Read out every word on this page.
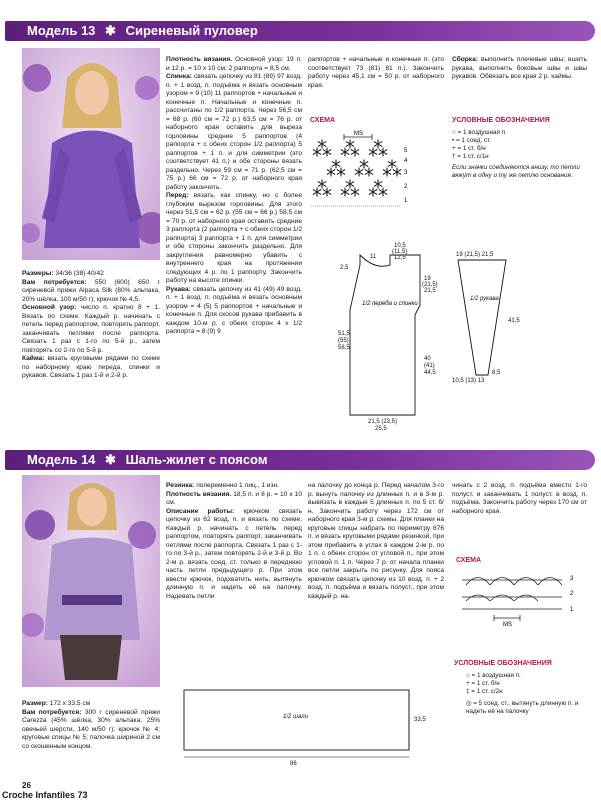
Модель 13 ✱ Сиреневый пуловер

Размеры: 34/36 (38) 40/42

Вам потребуется: 550 (600) 650 г сиреневой пряжи Alpaca Silk (80% альпака, 20% шёлка, 100 м/50 г); крючок № 4,5.

Основной узор: число п. кратно 8 + 1. Вязать по схеме. Каждый р. начинать с петель перед раппортом, повторять раппорт, заканчивать петлями после раппорта. Связать 1 раз с 1-го по 5-й р., затем повторять со 2-го по 5-й р.

Кайма: вязать круговыми рядами по схеме по наборному краю передa, спинки и рукавов. Связать 1 раз 1-й и 2-й р.

Плотность вязания. Основной узор: 19 п. и 12 р. = 10 х 10 см; 2 раппорта = 8,5 см.

Спинка: связать цепочку из 81 (89) 97 возд. п. + 1 возд. п. подъёма и вязать основным узором = 9 (10) 11 раппортов + начальные и конечные п. Начальные и конечные п. рассчитаны по 1/2 раппорта. Через 56,5 см = 68 р. (60 см = 72 р.) 63,5 см = 76 р. от наборного края оставить для выреза горловины средние 5 раппортов (4 раппорта + с обеих сторон 1/2 раппорта) 5 раппортов + 1 п. и для симметрии (это соответствует 41 п.) и обе стороны вязать раздельно. Через 59 см = 71 р. (62,5 см = 75 р.) 66 см = 72 р. от наборного края работу закончить.

Перед: вязать, как спинку, но с более глубоким вырезом горловины. Для этого через 51,5 см = 62 р. (55 см = 66 р.) 58,5 см = 70 р. от наборного края оставить средние 3 раппорта (2 раппорта + с обеих сторон 1/2 раппорта) 3 раппорта + 1 п. для симметрии и обе стороны закончить раздельно. Для закругления равномерно убавить с внутреннего края на протяжении следующих 4 р. по 1 раппорту. Закончить работу на высоте спинки.

Рукава: связать цепочку из 41 (49) 49 возд. п. + 1 возд. п. подъёма и вязать основным узором = 4 (5) 5 раппортов + начальные и конечные п. Для скосов рукава прибавить в каждом 10-м р. с обеих сторон 4 х 1/2 раппорта = 8 (9) 9

раппортов + начальные и конечные п. (это соответствует 73 (81) 81 п.). Закончить работу через 45,1 см = 50 р. от наборного края.

Сборка: выполнить плечевые швы; вшить рукава, выполнить боковые швы и швы рукавов. Обвязать все края 2 р. каймы.

СХЕМА
MS
⁂ ⁂ ⁂
⁂ ⁂ ⁂
⁂ ⁂ ⁂
5
4
3
2
1
УСЛОВНЫЕ ОБОЗНАЧЕНИЯ
○ = 1 воздушная п.
• = 1 соед. ст.
+ = 1 ст. б/н
† = 1 ст. с/1н
Если значки соединяются внизу, то петли вяжут в одну и ту же петлю основания.
10,5
(11,5)
12,5
11
2,5
19
(21,5)
21,5
51,5
(55)
58,5
40
(41)
44,5
21,5 (23,5)
25,5
1/2 переда и спинки
19 (21,5) 21,5
41,5
10,5 (13) 13
8,5
1/2 рукава
Модель 14 ✱ Шаль-жилет с поясом

Размер: 172 x 33,5 см

Вам потребуется: 300 г сиреневой пряжи Carezza (45% шёлка, 30% альпака, 25% овечьей шерсти, 140 м/50 г); крючок № 4; круговые спицы № 5; палочка шириной 2 см со скошенным концом.

Резинка: попеременно 1 лиц., 1 изн.

Плотность вязания. 18,5 п. и 8 р. = 10 х 10 см.

Описание работы: крючком связать цепочку из 62 возд. п. и вязать по схеме. Каждый р. начинать с петель перед раппортом, повторять раппорт, заканчивать петлями после раппорта. Связать 1 раз с 1-го по 3-й р., затем повторять 2-й и 3-й р. Во 2-м р. вязать соед. ст. только в переднюю часть петли предыдущего р. При этом ввести крючок, подхватить нить, вытянуть длинную п. и надеть её на палочку. Надевать петли

на палочку до конца р. Перед началом 3-го р. вынуть палочку из длинных п. и в 3-м р. вывязать в каждые 5 длинных п. по 5 ст. б/н. Закончить работу через 172 см от наборного края 3-м р. схемы. Для планки на круговые спицы набрать по периметру 876 п. и вязать круговыми рядами резинкой, при этом прибавить в углах в каждом 2-м р. по 1 п. с обеих сторон от угловой п., при этом угловой п. 1 п. Через 7 р. от начала планки все петли закрыть по рисунку. Для пояса крючком связать цепочку из 10 возд. п. + 2 возд. п. подъёма и вязать полуст., при этом каждый р. на-

чинать с 2 возд. п. подъёма вместо 1-го полуст. и заканчивать 1 полуст. в возд. п. подъёма. Закончить работу через 170 см от наборного края.

СХЕМА
MS
3
2
1
УСЛОВНЫЕ ОБОЗНАЧЕНИЯ
○ = 1 воздушная п.
+ = 1 ст. б/н
‡ = 1 ст. с/2н
◎ = 5 соед. ст., вытянуть длинную п. и надеть её на палочку
86
33,5
1/2 шали
26
Croche Infantiles 73
